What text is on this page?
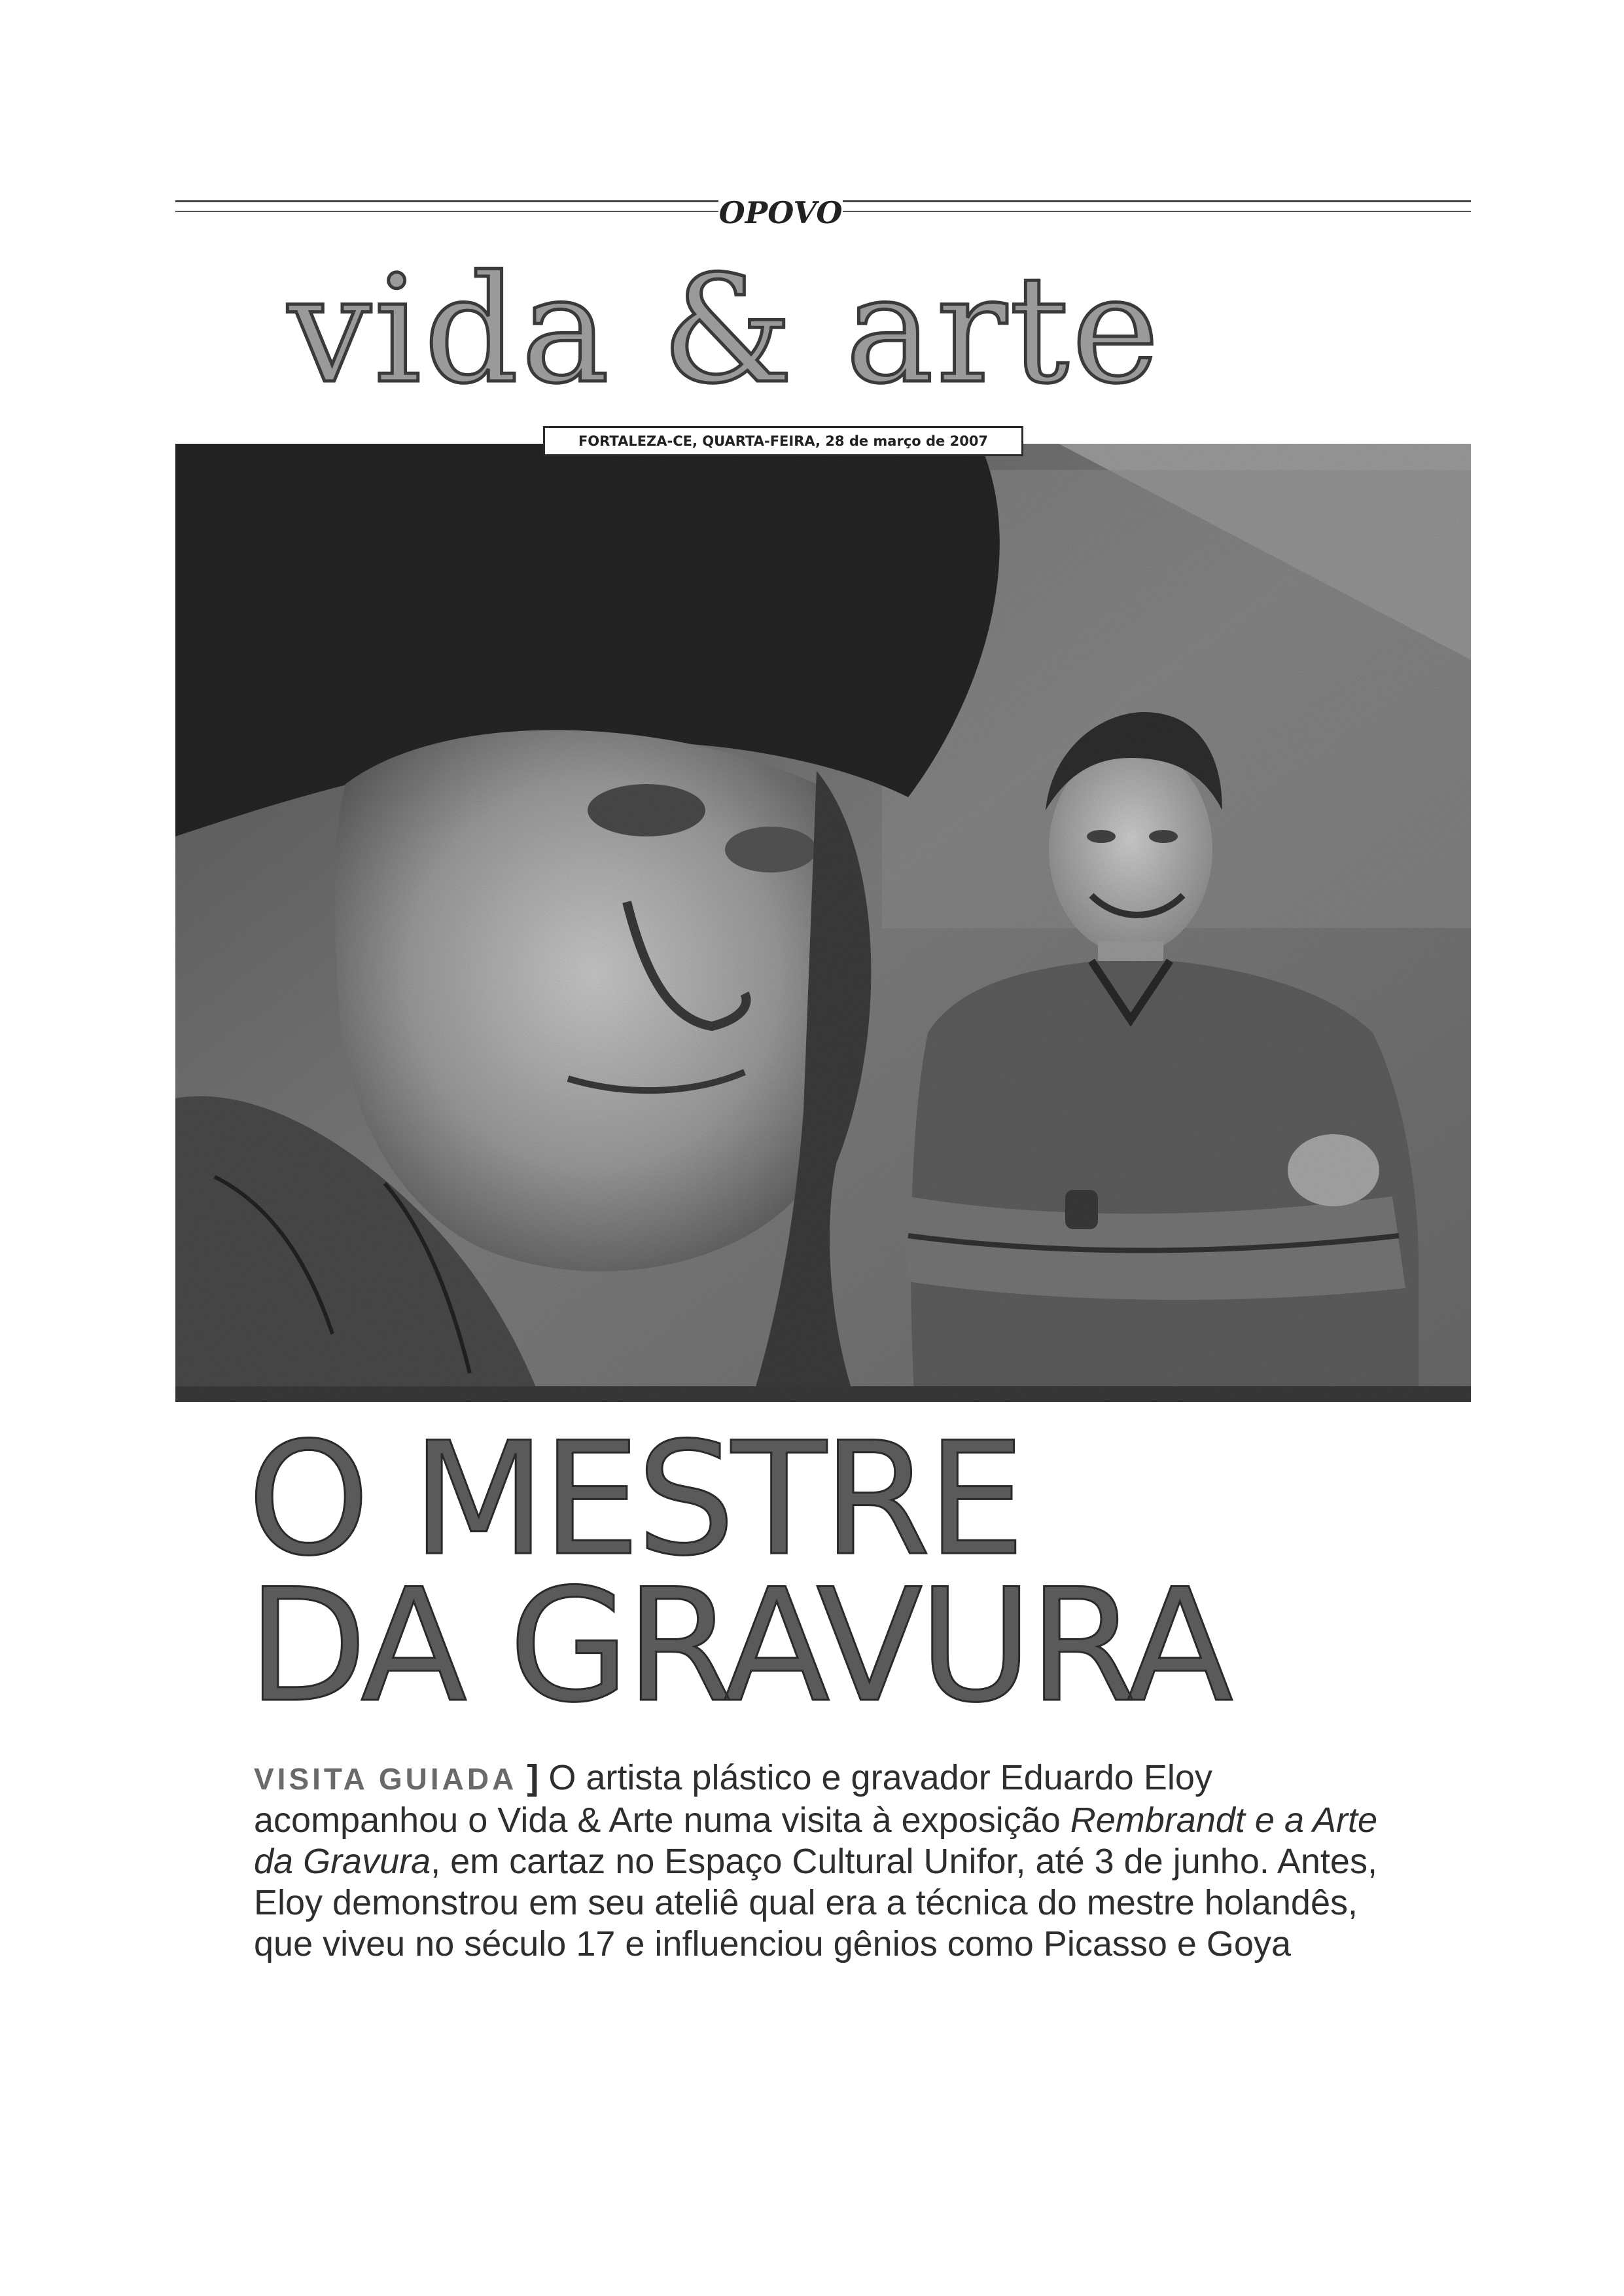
OPOVO
vida & arte
FORTALEZA-CE, QUARTA-FEIRA, 28 de março de 2007
O MESTRE
DA GRAVURA
VISITA GUIADA ] O artista plástico e gravador Eduardo Eloy
acompanhou o Vida & Arte numa visita à exposição Rembrandt e a Arte
da Gravura, em cartaz no Espaço Cultural Unifor, até 3 de junho. Antes,
Eloy demonstrou em seu ateliê qual era a técnica do mestre holandês,
que viveu no século 17 e influenciou gênios como Picasso e Goya
